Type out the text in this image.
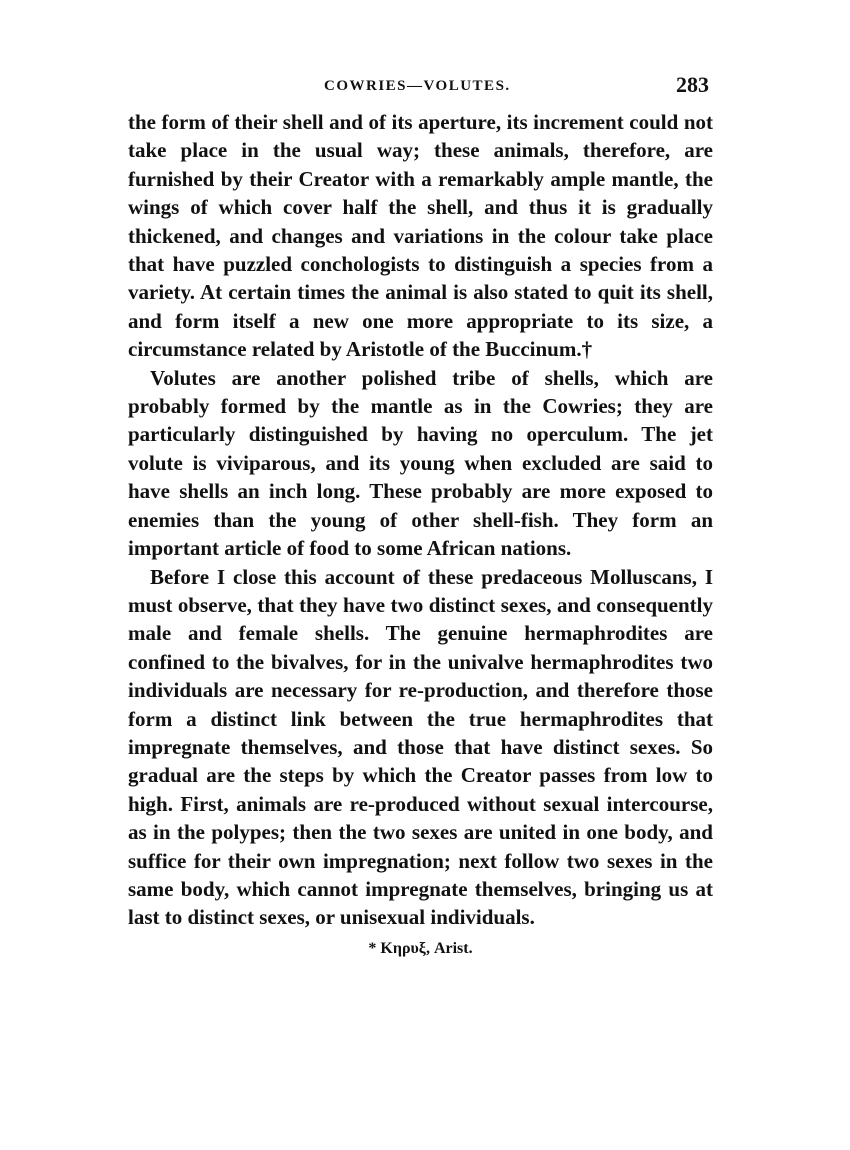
COWRIES—VOLUTES.	283

the form of their shell and of its aperture, its increment could not take place in the usual way; these animals, therefore, are furnished by their Creator with a remarkably ample mantle, the wings of which cover half the shell, and thus it is gradually thickened, and changes and variations in the colour take place that have puzzled conchologists to distinguish a species from a variety. At certain times the animal is also stated to quit its shell, and form itself a new one more appropriate to its size, a circumstance related by Aristotle of the Buccinum.†

Volutes are another polished tribe of shells, which are probably formed by the mantle as in the Cowries; they are particularly distinguished by having no operculum. The jet volute is viviparous, and its young when excluded are said to have shells an inch long. These probably are more exposed to enemies than the young of other shell-fish. They form an important article of food to some African nations.

Before I close this account of these predaceous Molluscans, I must observe, that they have two distinct sexes, and consequently male and female shells. The genuine hermaphrodites are confined to the bivalves, for in the univalve hermaphrodites two individuals are necessary for re-production, and therefore those form a distinct link between the true hermaphrodites that impregnate themselves, and those that have distinct sexes. So gradual are the steps by which the Creator passes from low to high. First, animals are re-produced without sexual intercourse, as in the polypes; then the two sexes are united in one body, and suffice for their own impregnation; next follow two sexes in the same body, which cannot impregnate themselves, bringing us at last to distinct sexes, or unisexual individuals.

* Κηρυξ, Arist.
